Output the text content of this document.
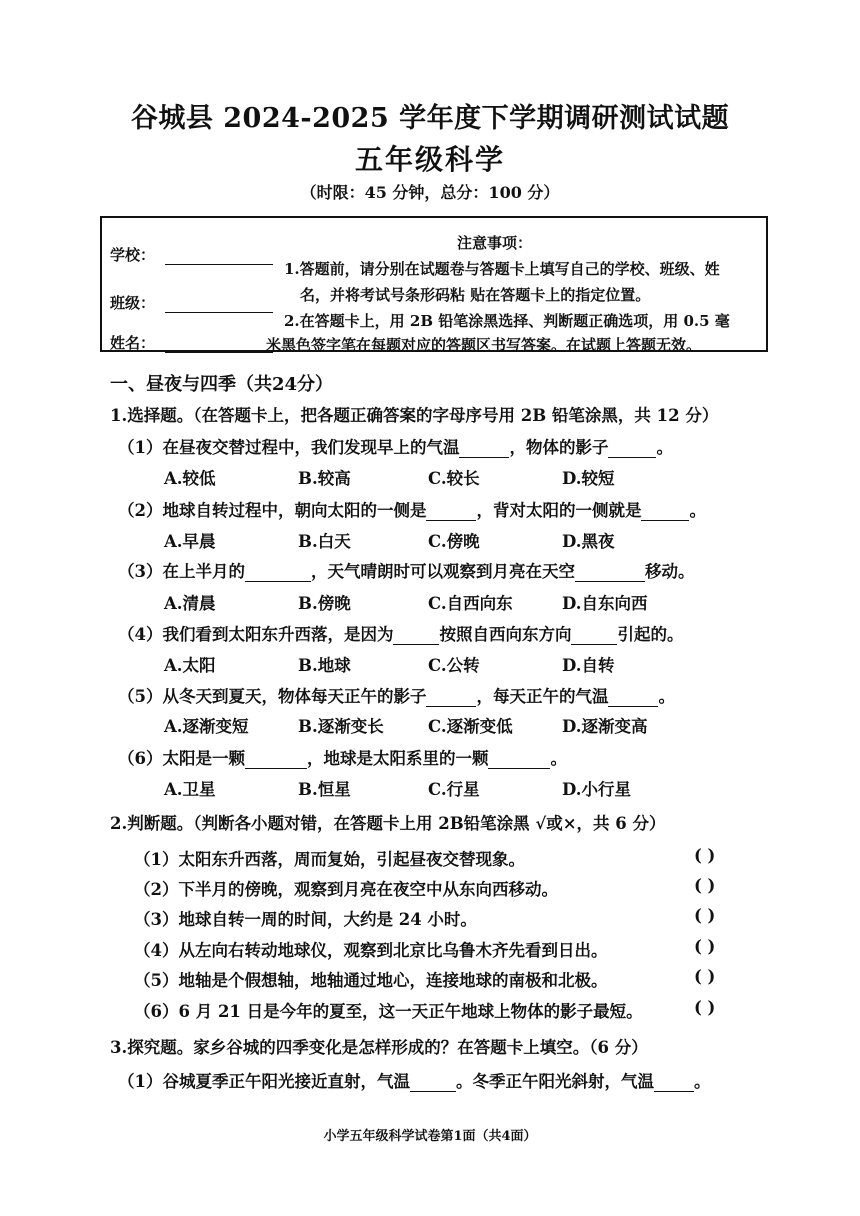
谷城县 2024-2025 学年度下学期调研测试试题
五年级科学
（时限：45 分钟，总分：100 分）
学校：
班级：
姓名：
注意事项：
1.答题前，请分别在试题卷与答题卡上填写自己的学校、班级、姓
名，并将考试号条形码粘 贴在答题卡上的指定位置。
2.在答题卡上，用 2B 铅笔涂黑选择、判断题正确选项，用 0.5 毫
米黑色签字笔在每题对应的答题区书写答案。在试题上答题无效。
一、昼夜与四季（共24分）
1.选择题。（在答题卡上，把各题正确答案的字母序号用 2B 铅笔涂黑，共 12 分）
（1）在昼夜交替过程中，我们发现早上的气温	，物体的影子	。
A.较低	B.较高	C.较长	D.较短
（2）地球自转过程中，朝向太阳的一侧是	，背对太阳的一侧就是	。
A.早晨	B.白天	C.傍晚	D.黑夜
（3）在上半月的	，天气晴朗时可以观察到月亮在天空	移动。
A.清晨	B.傍晚	C.自西向东	D.自东向西
（4）我们看到太阳东升西落，是因为	按照自西向东方向	引起的。
A.太阳	B.地球	C.公转	D.自转
（5）从冬天到夏天，物体每天正午的影子	，每天正午的气温	。
A.逐渐变短	B.逐渐变长	C.逐渐变低	D.逐渐变高
（6）太阳是一颗	，地球是太阳系里的一颗	。
A.卫星	B.恒星	C.行星	D.小行星
2.判断题。（判断各小题对错，在答题卡上用 2B铅笔涂黑 √或×，共 6 分）
（1）太阳东升西落，周而复始，引起昼夜交替现象。	( )
（2）下半月的傍晚，观察到月亮在夜空中从东向西移动。	( )
（3）地球自转一周的时间，大约是 24 小时。	( )
（4）从左向右转动地球仪，观察到北京比乌鲁木齐先看到日出。	( )
（5）地轴是个假想轴，地轴通过地心，连接地球的南极和北极。	( )
（6）6 月 21 日是今年的夏至，这一天正午地球上物体的影子最短。	( )
3.探究题。家乡谷城的四季变化是怎样形成的？在答题卡上填空。（6 分）
（1）谷城夏季正午阳光接近直射，气温	。冬季正午阳光斜射，气温 。
小学五年级科学试卷第1面（共4面）
